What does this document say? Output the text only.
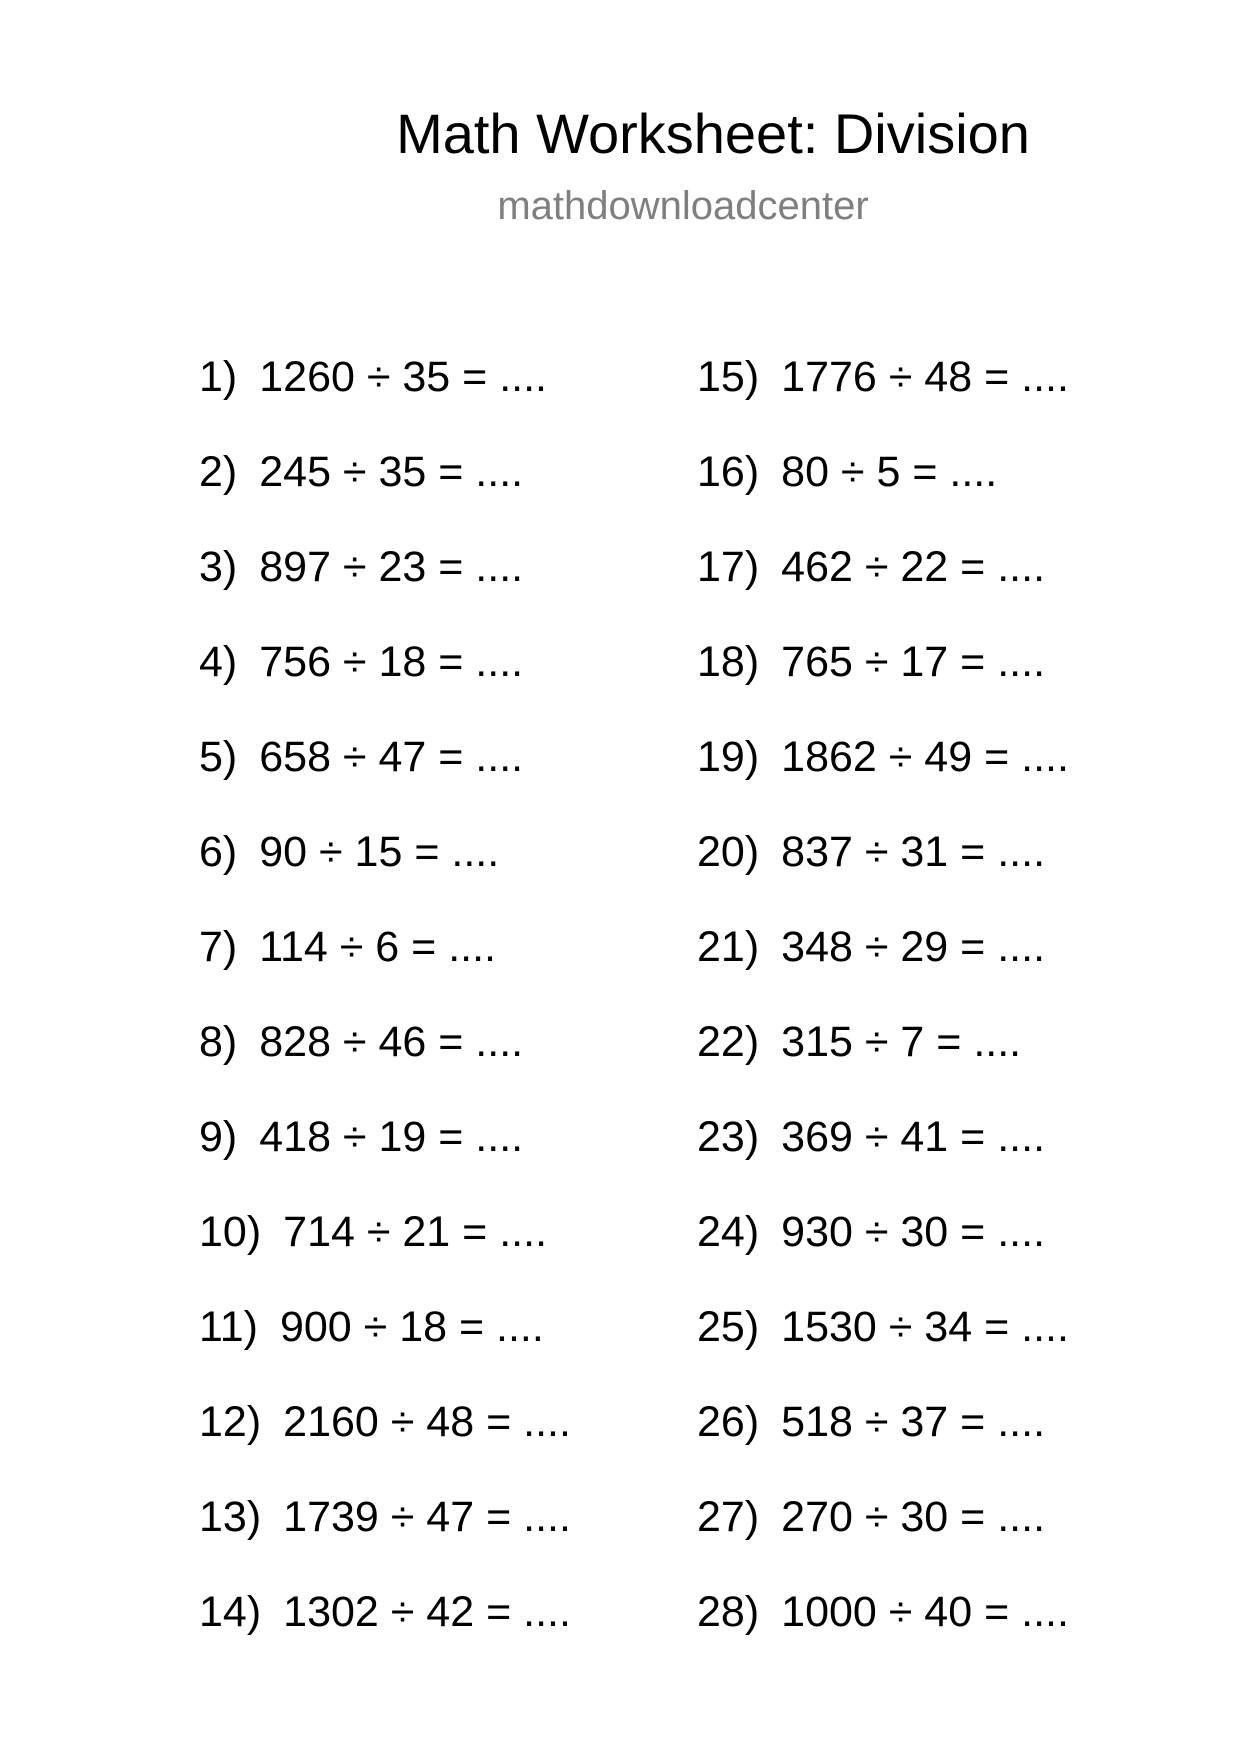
Math Worksheet: Division
mathdownloadcenter
1) 1260 ÷ 35 = ....
2) 245 ÷ 35 = ....
3) 897 ÷ 23 = ....
4) 756 ÷ 18 = ....
5) 658 ÷ 47 = ....
6) 90 ÷ 15 = ....
7) 114 ÷ 6 = ....
8) 828 ÷ 46 = ....
9) 418 ÷ 19 = ....
10) 714 ÷ 21 = ....
11) 900 ÷ 18 = ....
12) 2160 ÷ 48 = ....
13) 1739 ÷ 47 = ....
14) 1302 ÷ 42 = ....
15) 1776 ÷ 48 = ....
16) 80 ÷ 5 = ....
17) 462 ÷ 22 = ....
18) 765 ÷ 17 = ....
19) 1862 ÷ 49 = ....
20) 837 ÷ 31 = ....
21) 348 ÷ 29 = ....
22) 315 ÷ 7 = ....
23) 369 ÷ 41 = ....
24) 930 ÷ 30 = ....
25) 1530 ÷ 34 = ....
26) 518 ÷ 37 = ....
27) 270 ÷ 30 = ....
28) 1000 ÷ 40 = ....
